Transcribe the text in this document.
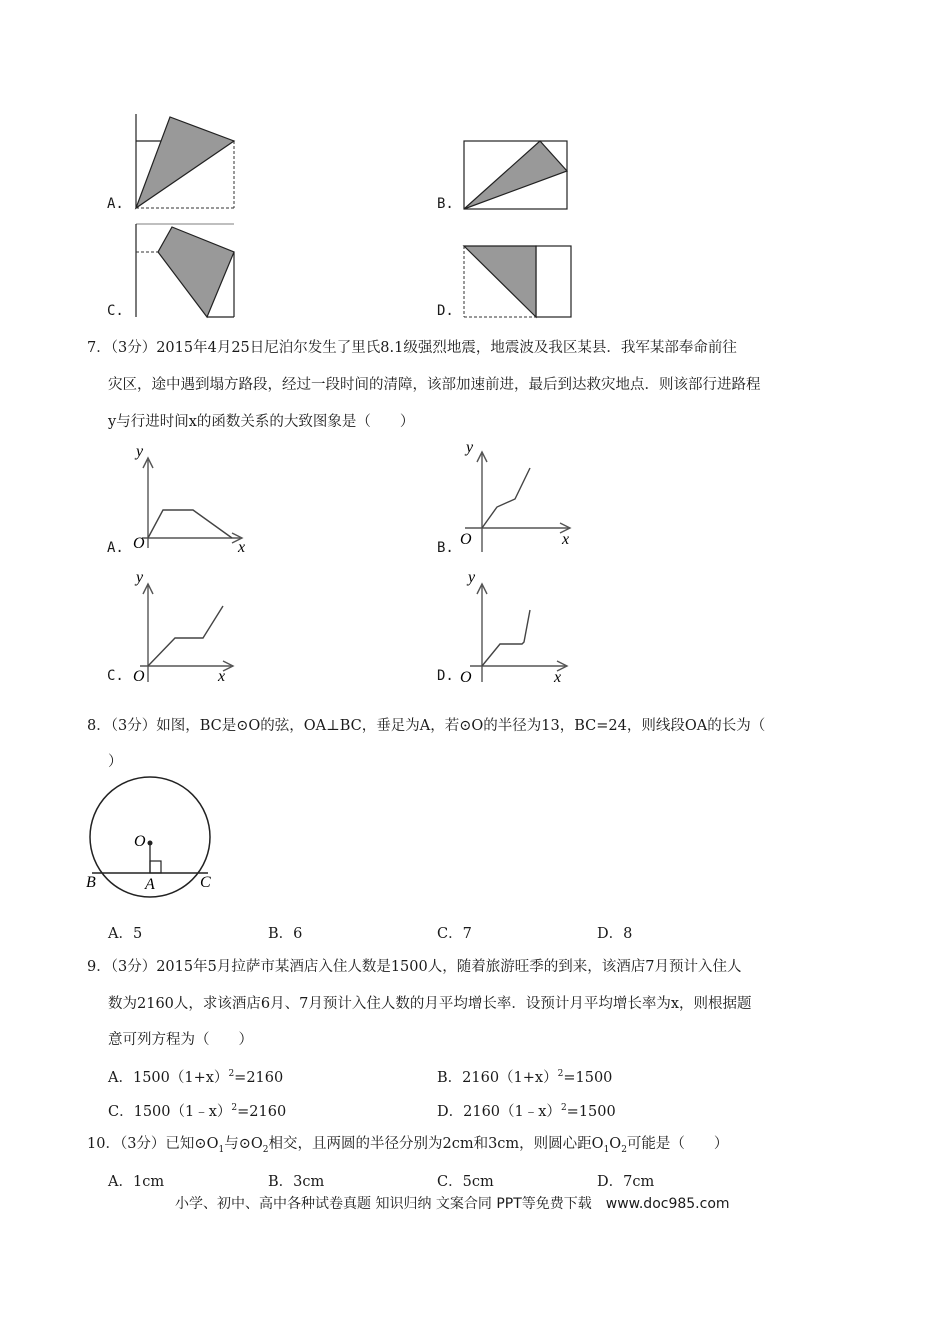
A.	B.
C.	D.
7．（3分）2015年4月25日尼泊尔发生了里氏8.1级强烈地震，地震波及我区某县．我军某部奉命前往
灾区，途中遇到塌方路段，经过一段时间的清障，该部加速前进，最后到达救灾地点．则该部行进路程
y与行进时间x的函数关系的大致图象是（　　）
A.
y
x
O	B.
y
x
O
C.
y
x
O	D.
y
x
O
8．（3分）如图，BC是⊙O的弦，OA⊥BC，垂足为A，若⊙O的半径为13，BC=24，则线段OA的长为（
）
O
A
B	C
A．5	B．6	C．7	D．8
9．（3分）2015年5月拉萨市某酒店入住人数是1500人，随着旅游旺季的到来，该酒店7月预计入住人
数为2160人，求该酒店6月、7月预计入住人数的月平均增长率．设预计月平均增长率为x，则根据题
意可列方程为（　　）
A．$1500(1+x)^2=2160$	B．$2160(1+x)^2=1500$
C．1500（1﹣x）$^2$=2160	D．2160（1﹣x）$^2$=1500
10．（3分）已知$⊙O_1$与$⊙O_2$相交，且两圆的半径分别为2cm和3cm，则圆心距$O_1O_2$可能是（　　）
A．1cm	B．3cm	C．5cm	D．7cm
小学、初中、高中各种试卷真题 知识归纳 文案合同 PPT等免费下载　www.doc985.com
